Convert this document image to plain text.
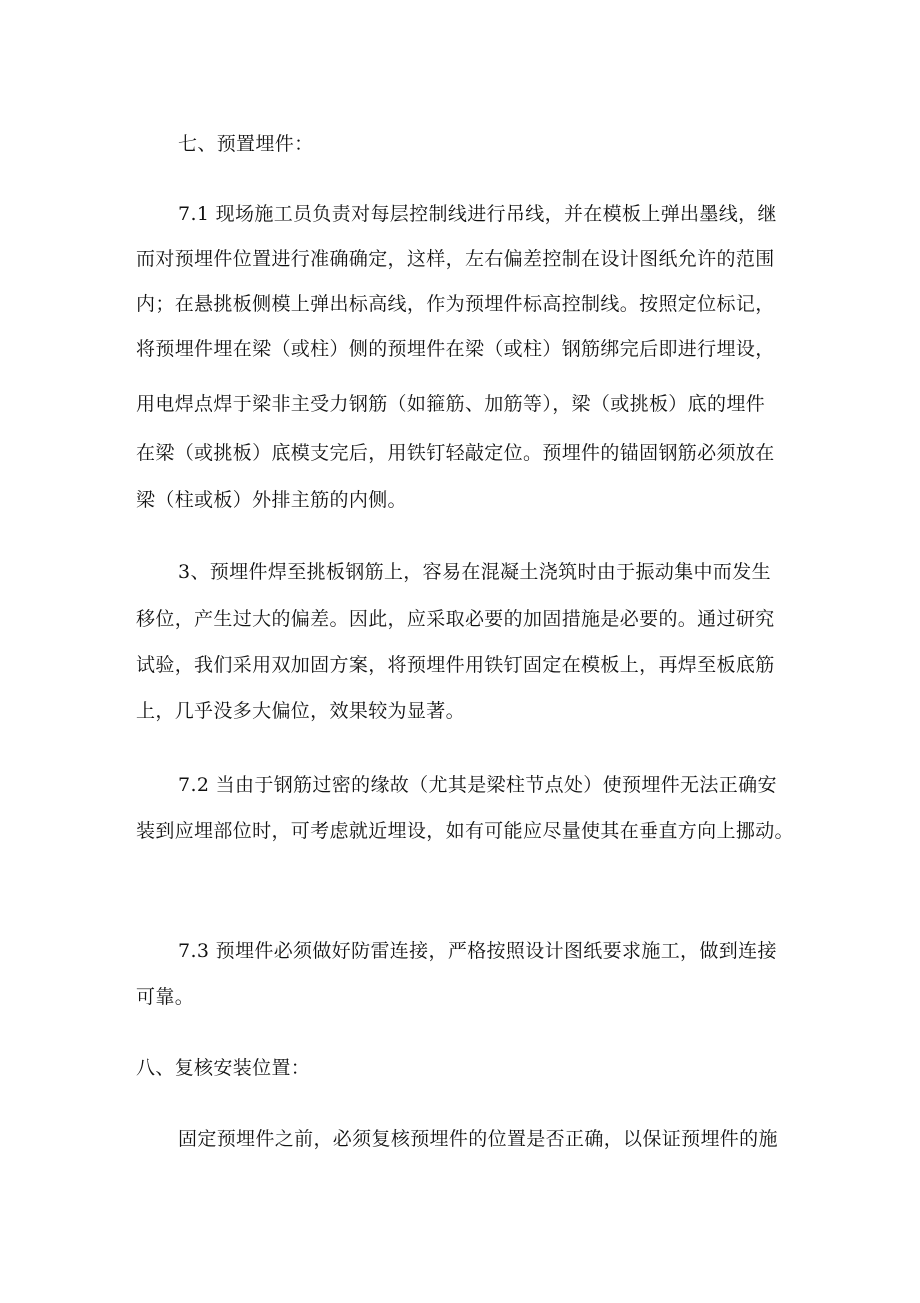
七、预置埋件：
7.1 现场施工员负责对每层控制线进行吊线，并在模板上弹出墨线，继
而对预埋件位置进行准确确定，这样，左右偏差控制在设计图纸允许的范围
内；在悬挑板侧模上弹出标高线，作为预埋件标高控制线。按照定位标记，
将预埋件埋在梁（或柱）侧的预埋件在梁（或柱）钢筋绑完后即进行埋设，
用电焊点焊于梁非主受力钢筋（如箍筋、加筋等），梁（或挑板）底的埋件
在梁（或挑板）底模支完后，用铁钉轻敲定位。预埋件的锚固钢筋必须放在
梁（柱或板）外排主筋的内侧。
3、预埋件焊至挑板钢筋上，容易在混凝土浇筑时由于振动集中而发生
移位，产生过大的偏差。因此，应采取必要的加固措施是必要的。通过研究
试验，我们采用双加固方案，将预埋件用铁钉固定在模板上，再焊至板底筋
上，几乎没多大偏位，效果较为显著。
7.2 当由于钢筋过密的缘故（尤其是梁柱节点处）使预埋件无法正确安
装到应埋部位时，可考虑就近埋设，如有可能应尽量使其在垂直方向上挪动。
7.3 预埋件必须做好防雷连接，严格按照设计图纸要求施工，做到连接
可靠。
八、复核安装位置：
固定预埋件之前，必须复核预埋件的位置是否正确，以保证预埋件的施
